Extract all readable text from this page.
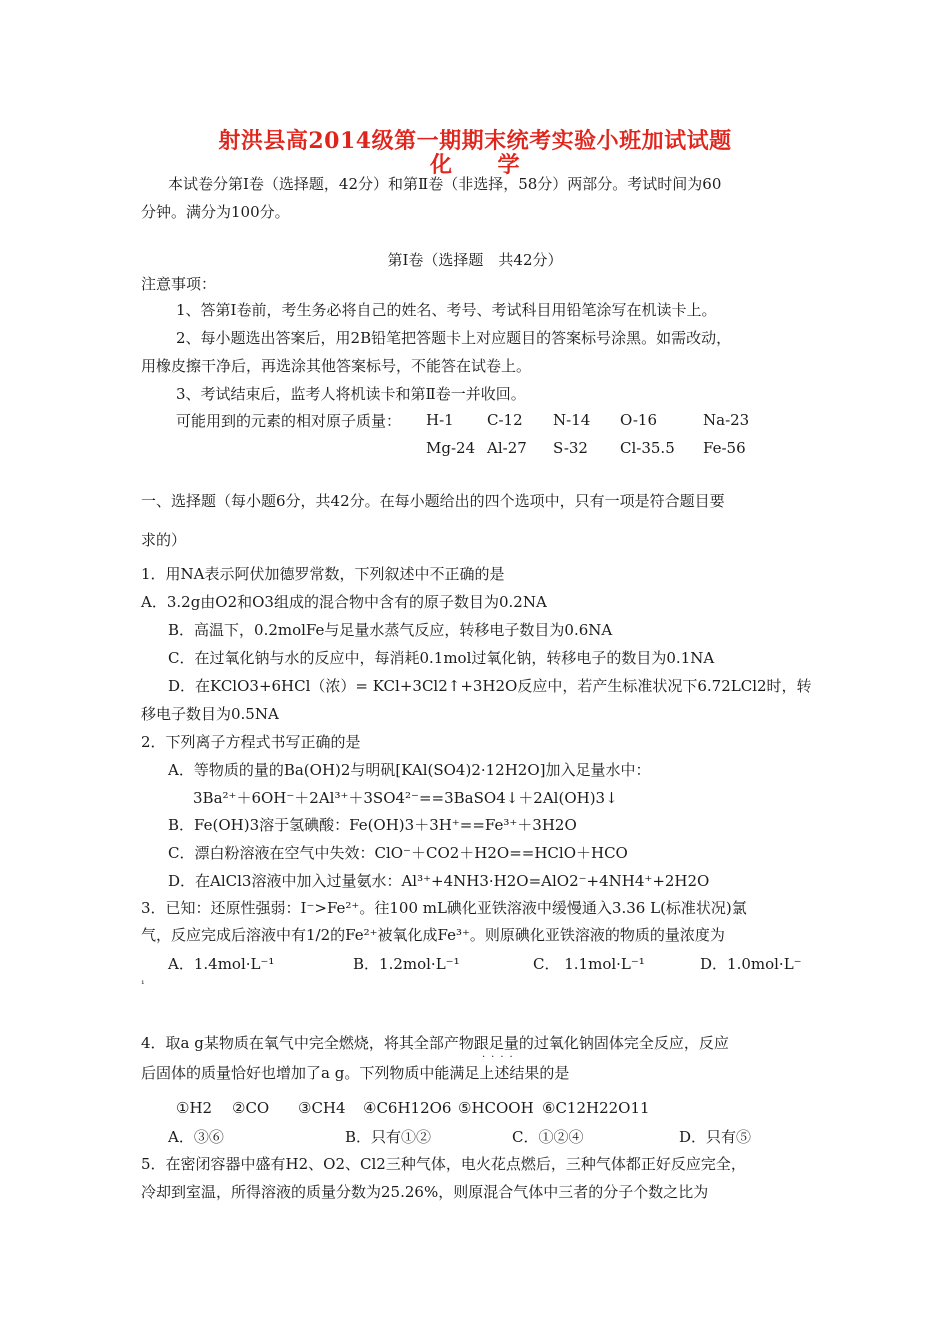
射洪县高2014级第一期期末统考实验小班加试试题
化　　学
本试卷分第Ⅰ卷（选择题，42分）和第Ⅱ卷（非选择，58分）两部分。考试时间为60
分钟。满分为100分。
第Ⅰ卷（选择题　共42分）
注意事项：
1、答第Ⅰ卷前，考生务必将自己的姓名、考号、考试科目用铅笔涂写在机读卡上。
2、每小题选出答案后，用2B铅笔把答题卡上对应题目的答案标号涂黑。如需改动，
用橡皮擦干净后，再选涂其他答案标号，不能答在试卷上。
3、考试结束后，监考人将机读卡和第Ⅱ卷一并收回。
可能用到的元素的相对原子质量： H-1 C-12 N-14 O-16	Na-23
Mg-24 Al-27 S-32 Cl-35.5 Fe-56
一、选择题（每小题6分，共42分。在每小题给出的四个选项中，只有一项是符合题目要
求的）
1．用NA表示阿伏加德罗常数，下列叙述中不正确的是
A．3.2g由O2和O3组成的混合物中含有的原子数目为0.2NA
B．高温下，0.2molFe与足量水蒸气反应，转移电子数目为0.6NA
C．在过氧化钠与水的反应中，每消耗0.1mol过氧化钠，转移电子的数目为0.1NA
D．在KClO3+6HCl（浓）= KCl+3Cl2↑+3H2O反应中，若产生标准状况下6.72LCl2时，转
移电子数目为0.5NA
2．下列离子方程式书写正确的是
A．等物质的量的Ba(OH)2与明矾[KAl(SO4)2·12H2O]加入足量水中：
3Ba²⁺＋6OH⁻＋2Al³⁺＋3SO4²⁻==3BaSO4↓＋2Al(OH)3↓
B．Fe(OH)3溶于氢碘酸：Fe(OH)3＋3H⁺==Fe³⁺＋3H2O
C．漂白粉溶液在空气中失效：ClO⁻＋CO2＋H2O==HClO＋HCO
D．在AlCl3溶液中加入过量氨水：Al³⁺+4NH3·H2O=AlO2⁻+4NH4⁺+2H2O
3．已知：还原性强弱：I⁻>Fe²⁺。往100 mL碘化亚铁溶液中缓慢通入3.36 L(标准状况)氯
气，反应完成后溶液中有1/2的Fe²⁺被氧化成Fe³⁺。则原碘化亚铁溶液的物质的量浓度为
A．1.4mol·L⁻¹	B．1.2mol·L⁻¹	C． 1.1mol·L⁻¹	D．1.0mol·L⁻
¹
4．取a g某物质在氧气中完全燃烧，将其全部产物跟足量的过氧化钠固体完全反应，反应
后固体的质量恰好也增加了a g。下列物质中能满足上述结果的是
····
①H2 ②CO ③CH4 ④C6H12O6 ⑤HCOOH ⑥C12H22O11
A．③⑥	B．只有①②	C．①②④	D．只有⑤
5．在密闭容器中盛有H2、O2、Cl2三种气体，电火花点燃后，三种气体都正好反应完全，
冷却到室温，所得溶液的质量分数为25.26%，则原混合气体中三者的分子个数之比为
